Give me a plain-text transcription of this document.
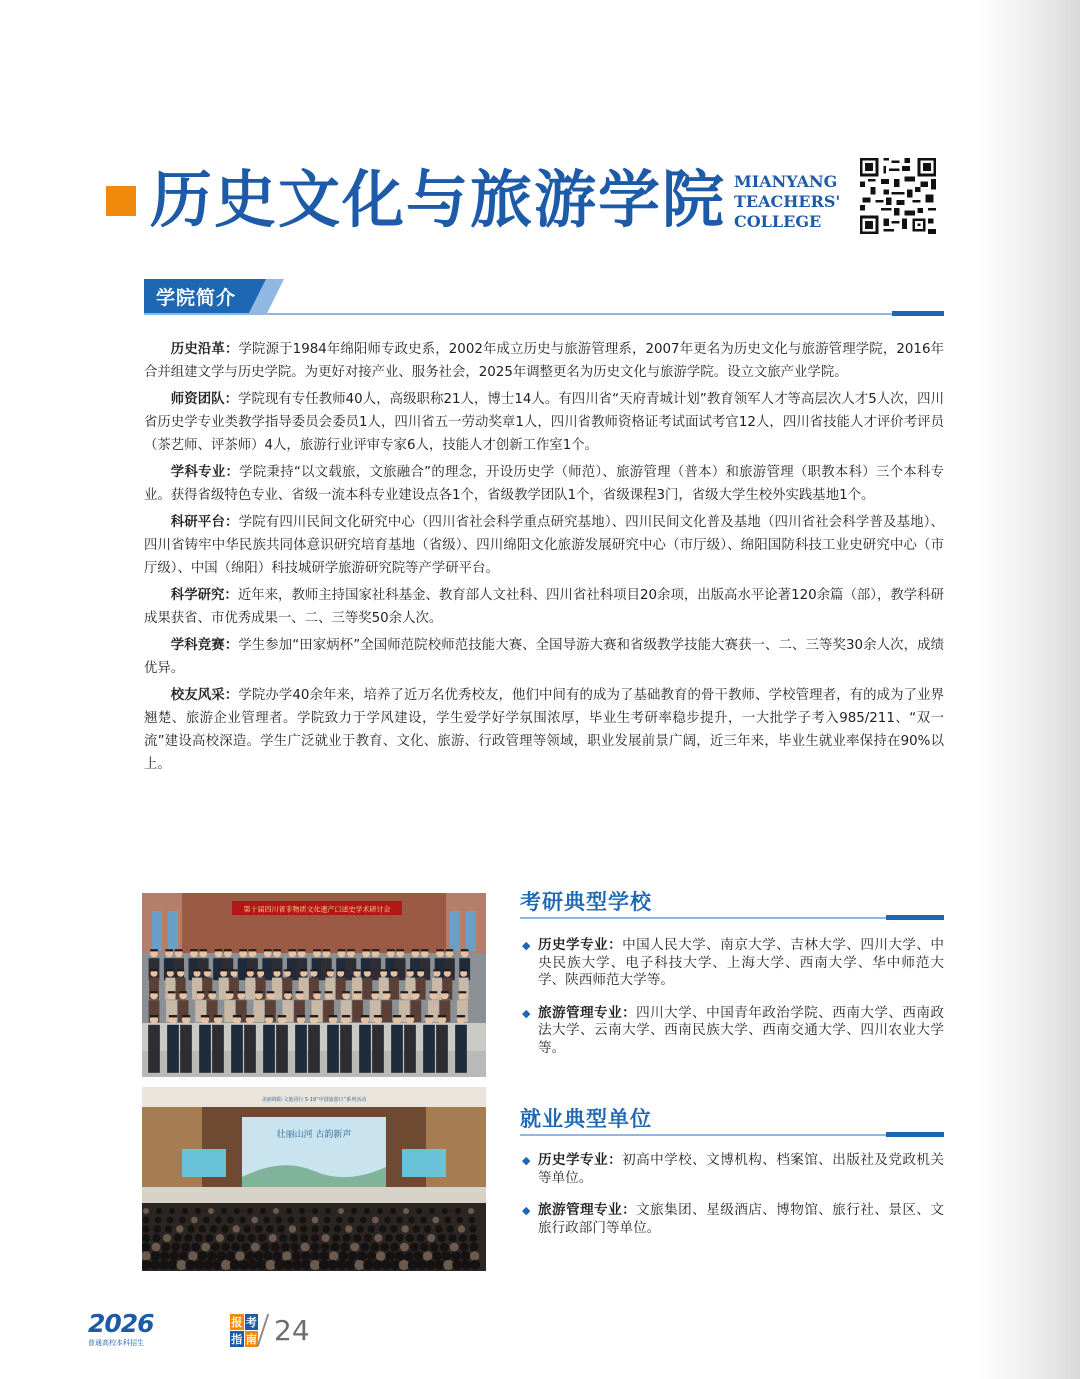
历史文化与旅游学院 MIANYANG
TEACHERS'
COLLEGE
学院简介

历史沿革：学院源于1984年绵阳师专政史系，2002年成立历史与旅游管理系，2007年更名为历史文化与旅游管理学院，2016年合并组建文学与历史学院。为更好对接产业、服务社会，2025年调整更名为历史文化与旅游学院。设立文旅产业学院。

师资团队：学院现有专任教师40人，高级职称21人，博士14人。有四川省“天府青城计划”教育领军人才等高层次人才5人次，四川省历史学专业类教学指导委员会委员1人，四川省五一劳动奖章1人，四川省教师资格证考试面试考官12人，四川省技能人才评价考评员（茶艺师、评茶师）4人，旅游行业评审专家6人，技能人才创新工作室1个。

学科专业：学院秉持“以文载旅，文旅融合”的理念，开设历史学（师范）、旅游管理（普本）和旅游管理（职教本科）三个本科专业。获得省级特色专业、省级一流本科专业建设点各1个，省级教学团队1个，省级课程3门，省级大学生校外实践基地1个。

科研平台：学院有四川民间文化研究中心（四川省社会科学重点研究基地）、四川民间文化普及基地（四川省社会科学普及基地）、四川省铸牢中华民族共同体意识研究培育基地（省级）、四川绵阳文化旅游发展研究中心（市厅级）、绵阳国防科技工业史研究中心（市厅级）、中国（绵阳）科技城研学旅游研究院等产学研平台。

科学研究：近年来，教师主持国家社科基金、教育部人文社科、四川省社科项目20余项，出版高水平论著120余篇（部），教学科研成果获省、市优秀成果一、二、三等奖50余人次。

学科竞赛：学生参加“田家炳杯”全国师范院校师范技能大赛、全国导游大赛和省级教学技能大赛获一、二、三等奖30余人次，成绩优异。

校友风采：学院办学40余年来，培养了近万名优秀校友，他们中间有的成为了基础教育的骨干教师、学校管理者，有的成为了业界翘楚、旅游企业管理者。学院致力于学风建设，学生爱学好学氛围浓厚，毕业生考研率稳步提升，一大批学子考入985/211、“双一流”建设高校深造。学生广泛就业于教育、文化、旅游、行政管理等领域，职业发展前景广阔，近三年来，毕业生就业率保持在90%以上。

第十届四川省非物质文化遗产口述史学术研讨会
壮丽山河 古韵新声
美丽绵阳·文旅同行 5·19“中国旅游日”系列活动
考研典型学校
◆ 历史学专业：中国人民大学、南京大学、吉林大学、四川大学、中央民族大学、电子科技大学、上海大学、西南大学、华中师范大学、陕西师范大学等。
◆ 旅游管理专业：四川大学、中国青年政治学院、西南大学、西南政法大学、云南大学、西南民族大学、西南交通大学、四川农业大学等。
就业典型单位
◆ 历史学专业：初高中学校、文博机构、档案馆、出版社及党政机关等单位。
◆ 旅游管理专业：文旅集团、星级酒店、博物馆、旅行社、景区、文旅行政部门等单位。
2026
普通高校本科招生
报 考
指 南 24
